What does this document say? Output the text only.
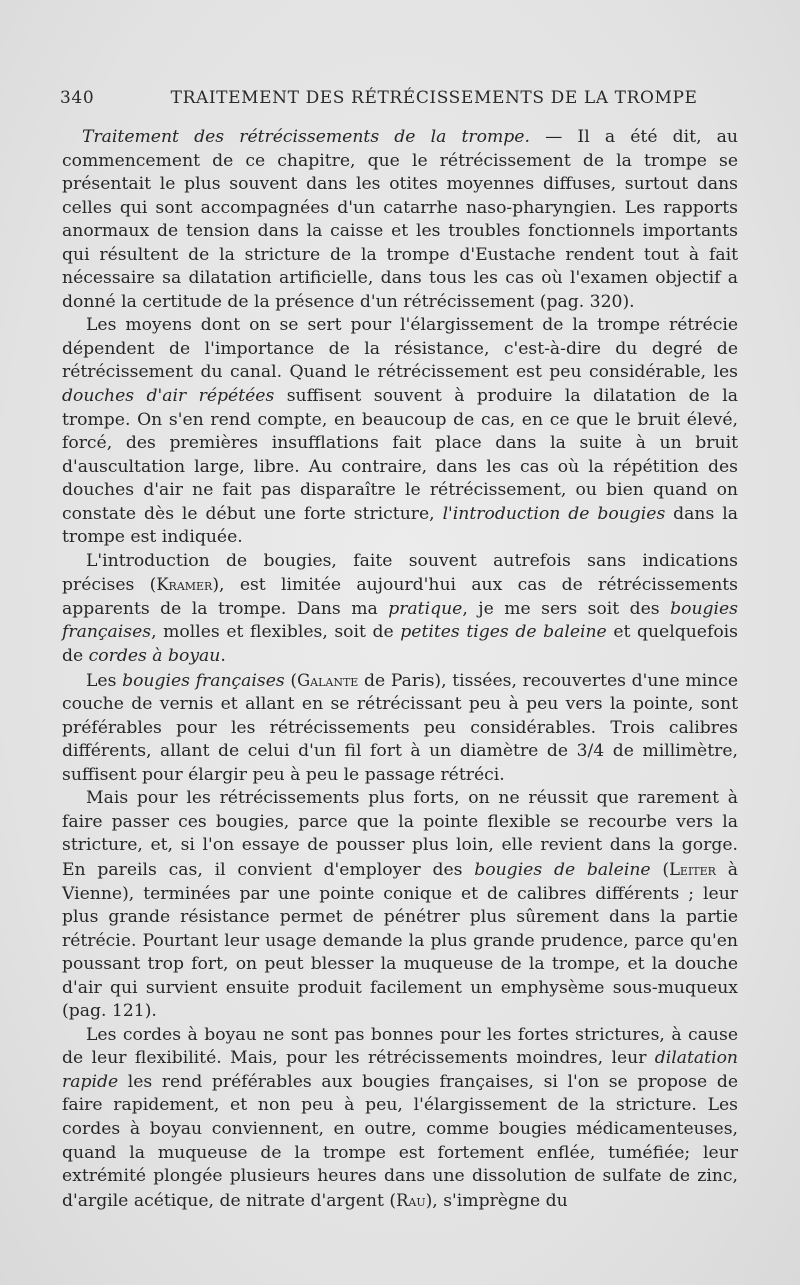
340	TRAITEMENT DES RÉTRÉCISSEMENTS DE LA TROMPE

Traitement des rétrécissements de la trompe. — Il a été dit, au commencement de ce chapitre, que le rétrécissement de la trompe se présentait le plus souvent dans les otites moyennes diffuses, surtout dans celles qui sont accompagnées d'un catarrhe naso-pharyngien. Les rapports anormaux de tension dans la caisse et les troubles fonctionnels importants qui résultent de la stricture de la trompe d'Eustache rendent tout à fait nécessaire sa dilatation artificielle, dans tous les cas où l'examen objectif a donné la certitude de la présence d'un rétrécissement (pag. 320).

Les moyens dont on se sert pour l'élargissement de la trompe rétrécie dépendent de l'importance de la résistance, c'est-à-dire du degré de rétrécissement du canal. Quand le rétrécissement est peu considérable, les douches d'air répétées suffisent souvent à produire la dilatation de la trompe. On s'en rend compte, en beaucoup de cas, en ce que le bruit élevé, forcé, des premières insufflations fait place dans la suite à un bruit d'auscultation large, libre. Au contraire, dans les cas où la répétition des douches d'air ne fait pas disparaître le rétrécissement, ou bien quand on constate dès le début une forte stricture, l'introduction de bougies dans la trompe est indiquée.

L'introduction de bougies, faite souvent autrefois sans indications précises (Kramer), est limitée aujourd'hui aux cas de rétrécissements apparents de la trompe. Dans ma pratique, je me sers soit des bougies françaises, molles et flexibles, soit de petites tiges de baleine et quelquefois de cordes à boyau.

Les bougies françaises (Galante de Paris), tissées, recouvertes d'une mince couche de vernis et allant en se rétrécissant peu à peu vers la pointe, sont préférables pour les rétrécissements peu considérables. Trois calibres différents, allant de celui d'un fil fort à un diamètre de 3/4 de millimètre, suffisent pour élargir peu à peu le passage rétréci.

Mais pour les rétrécissements plus forts, on ne réussit que rarement à faire passer ces bougies, parce que la pointe flexible se recourbe vers la stricture, et, si l'on essaye de pousser plus loin, elle revient dans la gorge. En pareils cas, il convient d'employer des bougies de baleine (Leiter à Vienne), terminées par une pointe conique et de calibres différents ; leur plus grande résistance permet de pénétrer plus sûrement dans la partie rétrécie. Pourtant leur usage demande la plus grande prudence, parce qu'en poussant trop fort, on peut blesser la muqueuse de la trompe, et la douche d'air qui survient ensuite produit facilement un emphysème sous-muqueux (pag. 121).

Les cordes à boyau ne sont pas bonnes pour les fortes strictures, à cause de leur flexibilité. Mais, pour les rétrécissements moindres, leur dilatation rapide les rend préférables aux bougies françaises, si l'on se propose de faire rapidement, et non peu à peu, l'élargissement de la stricture. Les cordes à boyau conviennent, en outre, comme bougies médicamenteuses, quand la muqueuse de la trompe est fortement enflée, tuméfiée; leur extrémité plongée plusieurs heures dans une dissolution de sulfate de zinc, d'argile acétique, de nitrate d'argent (Rau), s'imprègne du
